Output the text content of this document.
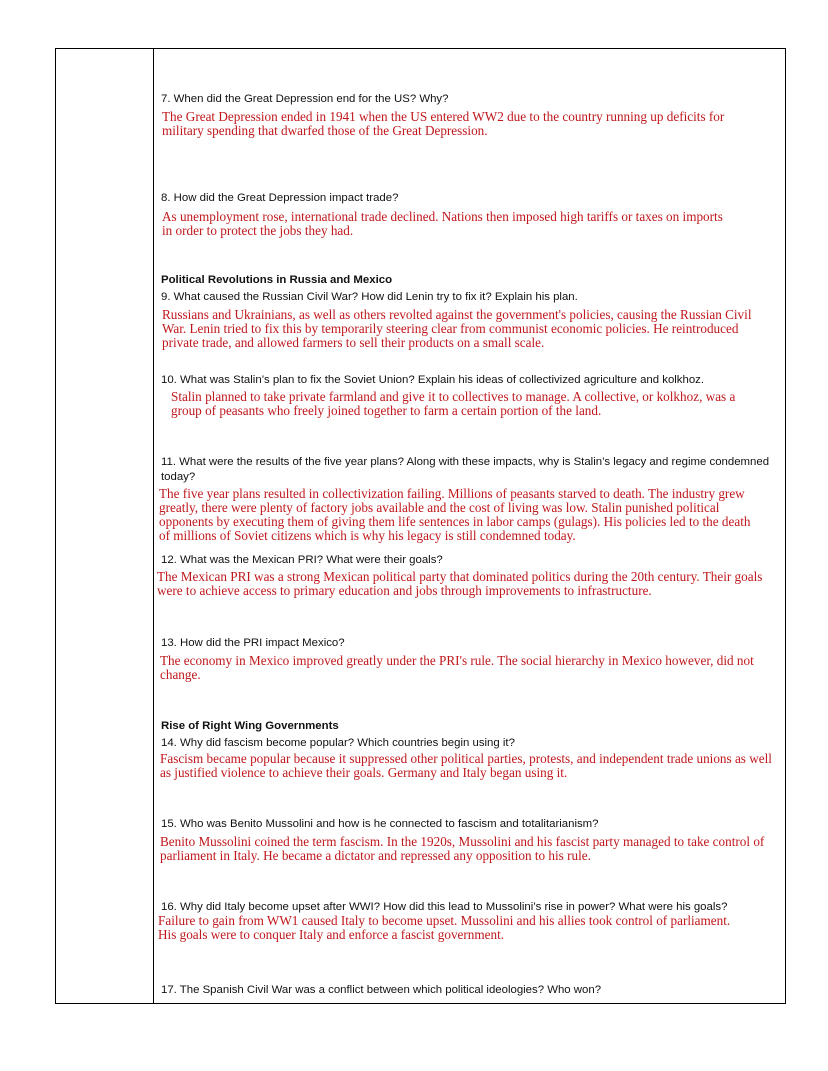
7. When did the Great Depression end for the US? Why?
The Great Depression ended in 1941 when the US entered WW2 due to the country running up deficits for military spending that dwarfed those of the Great Depression.
8. How did the Great Depression impact trade?
As unemployment rose, international trade declined. Nations then imposed high tariffs or taxes on imports in order to protect the jobs they had.
Political Revolutions in Russia and Mexico
9. What caused the Russian Civil War? How did Lenin try to fix it? Explain his plan.
Russians and Ukrainians, as well as others revolted against the government's policies, causing the Russian Civil War. Lenin tried to fix this by temporarily steering clear from communist economic policies. He reintroduced private trade, and allowed farmers to sell their products on a small scale.
10. What was Stalin’s plan to fix the Soviet Union? Explain his ideas of collectivized agriculture and kolkhoz.
Stalin planned to take private farmland and give it to collectives to manage. A collective, or kolkhoz, was a group of peasants who freely joined together to farm a certain portion of the land.
11. What were the results of the five year plans? Along with these impacts, why is Stalin’s legacy and regime condemned today?
The five year plans resulted in collectivization failing. Millions of peasants starved to death. The industry grew greatly, there were plenty of factory jobs available and the cost of living was low. Stalin punished political opponents by executing them of giving them life sentences in labor camps (gulags). His policies led to the death of millions of Soviet citizens which is why his legacy is still condemned today.
12. What was the Mexican PRI? What were their goals?
The Mexican PRI was a strong Mexican political party that dominated politics during the 20th century. Their goals were to achieve access to primary education and jobs through improvements to infrastructure.
13. How did the PRI impact Mexico?
The economy in Mexico improved greatly under the PRI's rule. The social hierarchy in Mexico however, did not change.
Rise of Right Wing Governments
14. Why did fascism become popular? Which countries begin using it?
Fascism became popular because it suppressed other political parties, protests, and independent trade unions as well as justified violence to achieve their goals. Germany and Italy began using it.
15. Who was Benito Mussolini and how is he connected to fascism and totalitarianism?
Benito Mussolini coined the term fascism. In the 1920s, Mussolini and his fascist party managed to take control of parliament in Italy. He became a dictator and repressed any opposition to his rule.
16. Why did Italy become upset after WWI? How did this lead to Mussolini’s rise in power? What were his goals?
Failure to gain from WW1 caused Italy to become upset. Mussolini and his allies took control of parliament. His goals were to conquer Italy and enforce a fascist government.
17. The Spanish Civil War was a conflict between which political ideologies? Who won?
